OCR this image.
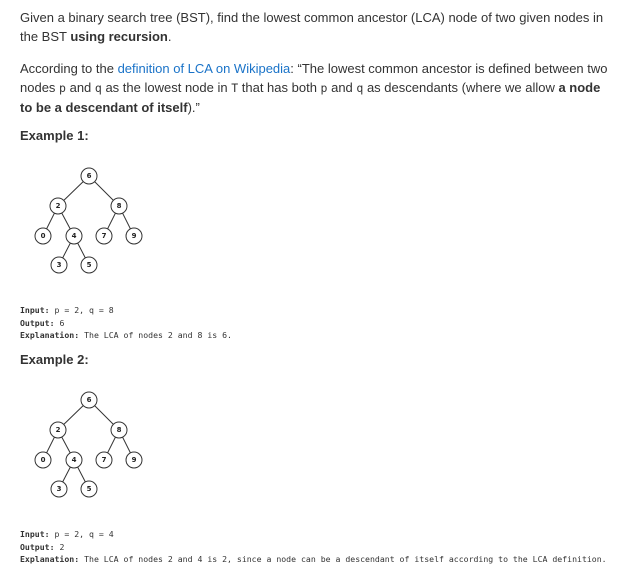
Given a binary search tree (BST), find the lowest common ancestor (LCA) node of two given nodes in the BST using recursion.

According to the definition of LCA on Wikipedia: “The lowest common ancestor is defined between two nodes p and q as the lowest node in T that has both p and q as descendants (where we allow a node to be a descendant of itself).”

Example 1:
6
2	8
0	4	7	9
3	5
Input: p = 2, q = 8
Output: 6
Explanation: The LCA of nodes 2 and 8 is 6.
Example 2:
6
2	8
0	4	7	9
3	5
Input: p = 2, q = 4
Output: 2
Explanation: The LCA of nodes 2 and 4 is 2, since a node can be a descendant of itself according to the LCA definition.
